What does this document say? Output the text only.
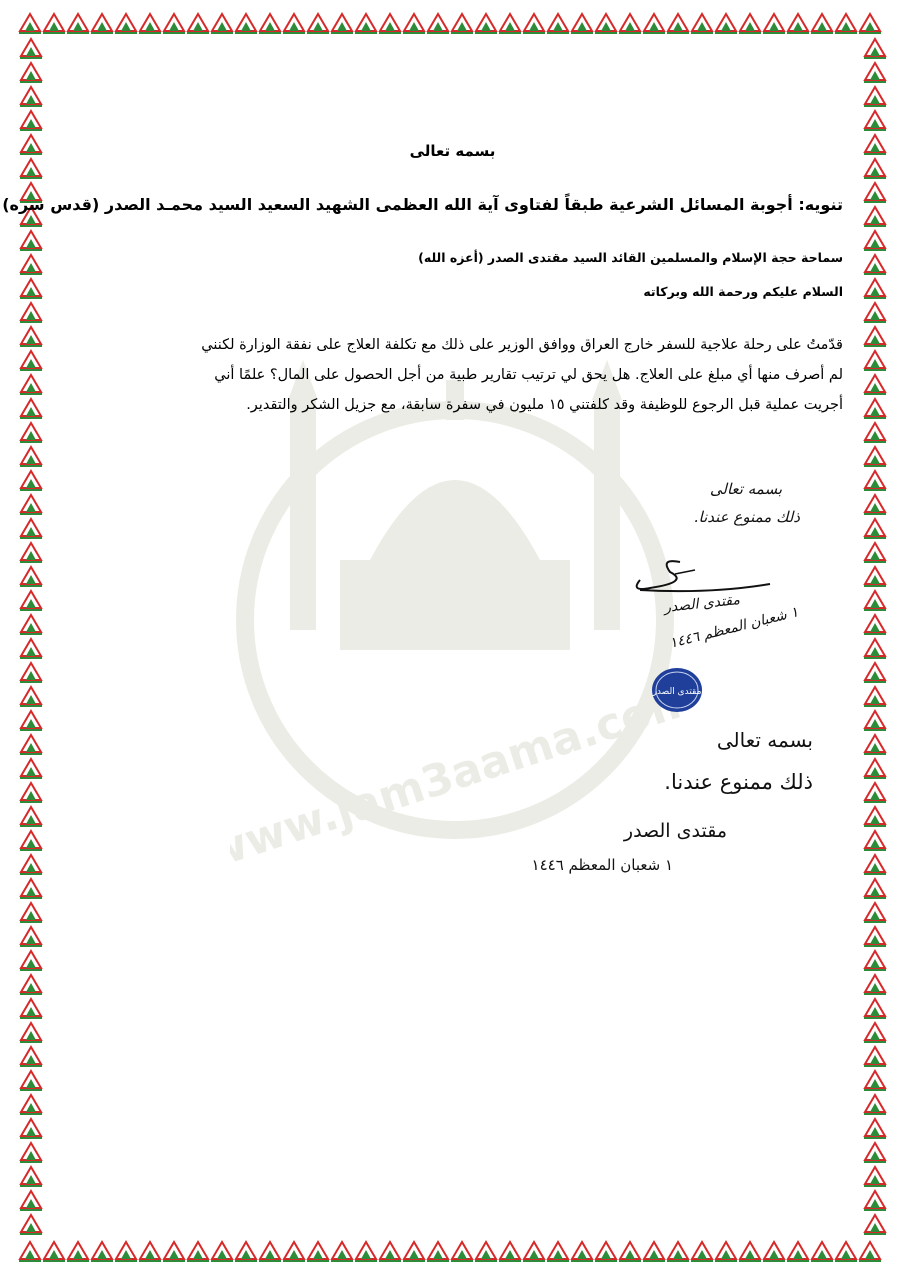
www.jam3aama.com
بسمه تعالى
تنويه: أجوبة المسائل الشرعية طبقاً لفتاوى آية الله العظمى الشهيد السعيد السيد محمـد الصدر (قدس سره)
سماحة حجة الإسلام والمسلمين القائد السيد مقتدى الصدر (أعزه الله)
السلام عليكم ورحمة الله وبركاته

قدّمتُ على رحلة علاجية للسفر خارج العراق ووافق الوزير على ذلك مع تكلفة العلاج على نفقة الوزارة لكنني

لم أصرف منها أي مبلغ على العلاج. هل يحق لي ترتيب تقارير طبية من أجل الحصول على المال؟ علمًا أني

أجريت عملية قبل الرجوع للوظيفة وقد كلفتني ١٥ مليون في سفرة سابقة، مع جزيل الشكر والتقدير.

بسمه تعالى
ذلك ممنوع عندنا.
مقتدى الصدر
١ شعبان المعظم ١٤٤٦
مقتدى الصدر
بسمه تعالى
ذلك ممنوع عندنا.
مقتدى الصدر
١ شعبان المعظم ١٤٤٦
